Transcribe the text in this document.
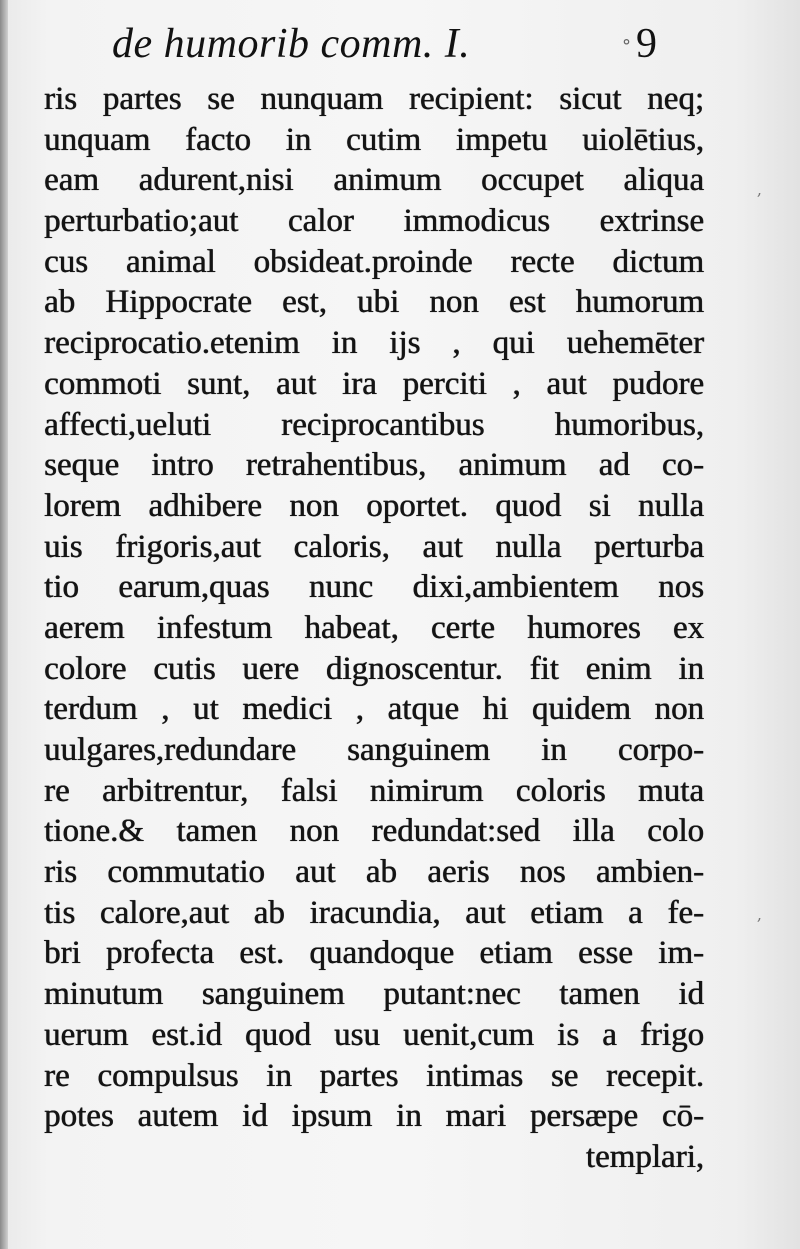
de humorib comm. I.	° 9
,
,
ris partes se nunquam recipient: sicut neq;
unquam facto in cutim impetu uiolētius,
eam adurent,nisi animum occupet aliqua
perturbatio;aut calor immodicus extrinse
cus animal obsideat.proinde recte dictum
ab Hippocrate est, ubi non est humorum
reciprocatio.etenim in ijs , qui uehemēter
commoti sunt, aut ira perciti , aut pudore
affecti,ueluti reciprocantibus humoribus,
seque intro retrahentibus, animum ad co-
lorem adhibere non oportet. quod si nulla
uis frigoris,aut caloris, aut nulla perturba
tio earum,quas nunc dixi,ambientem nos
aerem infestum habeat, certe humores ex
colore cutis uere dignoscentur. fit enim in
terdum , ut medici , atque hi quidem non
uulgares,redundare sanguinem in corpo-
re arbitrentur, falsi nimirum coloris muta
tione.& tamen non redundat:sed illa colo
ris commutatio aut ab aeris nos ambien-
tis calore,aut ab iracundia, aut etiam a fe-
bri profecta est. quandoque etiam esse im-
minutum sanguinem putant:nec tamen id
uerum est.id quod usu uenit,cum is a frigo
re compulsus in partes intimas se recepit.
potes autem id ipsum in mari persæpe cō-
templari,
